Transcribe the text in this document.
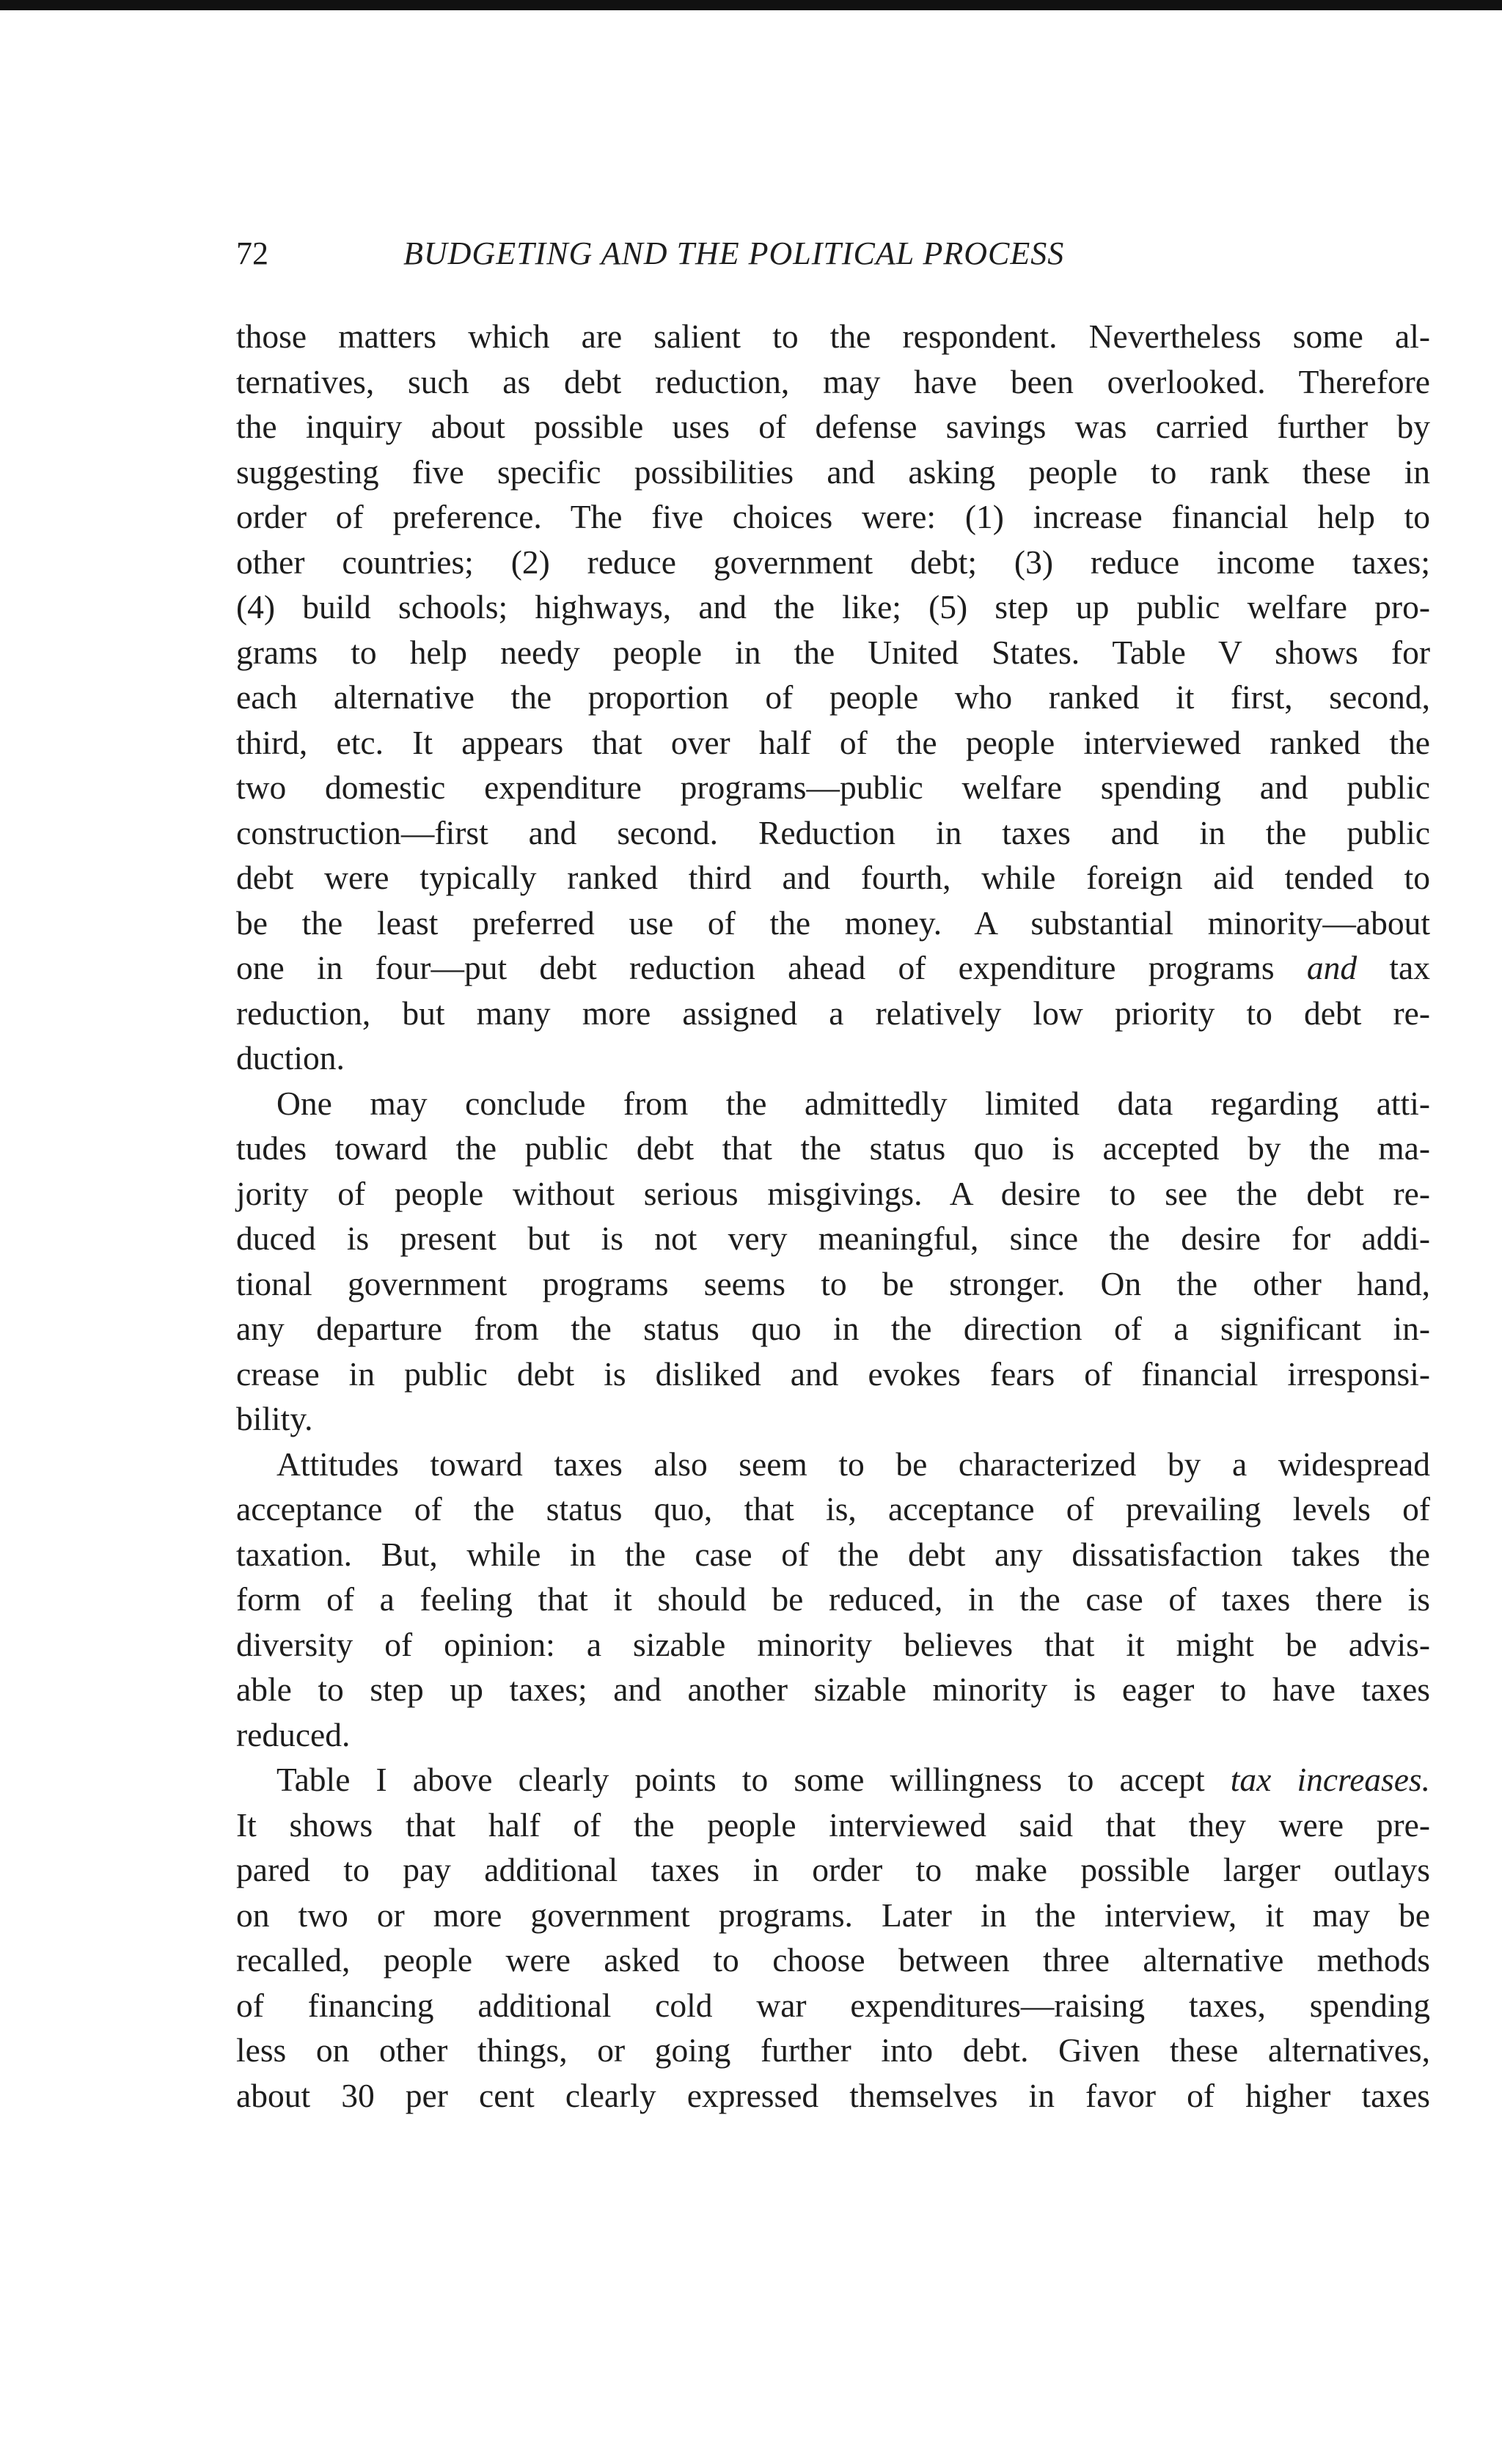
72	BUDGETING AND THE POLITICAL PROCESS
those matters which are salient to the respondent. Nevertheless some al-
ternatives, such as debt reduction, may have been overlooked. Therefore
the inquiry about possible uses of defense savings was carried further by
suggesting five specific possibilities and asking people to rank these in
order of preference. The five choices were: (1) increase financial help to
other countries; (2) reduce government debt; (3) reduce income taxes;
(4) build schools; highways, and the like; (5) step up public welfare pro-
grams to help needy people in the United States. Table V shows for
each alternative the proportion of people who ranked it first, second,
third, etc. It appears that over half of the people interviewed ranked the
two domestic expenditure programs—public welfare spending and public
construction—first and second. Reduction in taxes and in the public
debt were typically ranked third and fourth, while foreign aid tended to
be the least preferred use of the money. A substantial minority—about
one in four—put debt reduction ahead of expenditure programs and tax
reduction, but many more assigned a relatively low priority to debt re-
duction.
One may conclude from the admittedly limited data regarding atti-
tudes toward the public debt that the status quo is accepted by the ma-
jority of people without serious misgivings. A desire to see the debt re-
duced is present but is not very meaningful, since the desire for addi-
tional government programs seems to be stronger. On the other hand,
any departure from the status quo in the direction of a significant in-
crease in public debt is disliked and evokes fears of financial irresponsi-
bility.
Attitudes toward taxes also seem to be characterized by a widespread
acceptance of the status quo, that is, acceptance of prevailing levels of
taxation. But, while in the case of the debt any dissatisfaction takes the
form of a feeling that it should be reduced, in the case of taxes there is
diversity of opinion: a sizable minority believes that it might be advis-
able to step up taxes; and another sizable minority is eager to have taxes
reduced.
Table I above clearly points to some willingness to accept tax increases.
It shows that half of the people interviewed said that they were pre-
pared to pay additional taxes in order to make possible larger outlays
on two or more government programs. Later in the interview, it may be
recalled, people were asked to choose between three alternative methods
of financing additional cold war expenditures—raising taxes, spending
less on other things, or going further into debt. Given these alternatives,
about 30 per cent clearly expressed themselves in favor of higher taxes
